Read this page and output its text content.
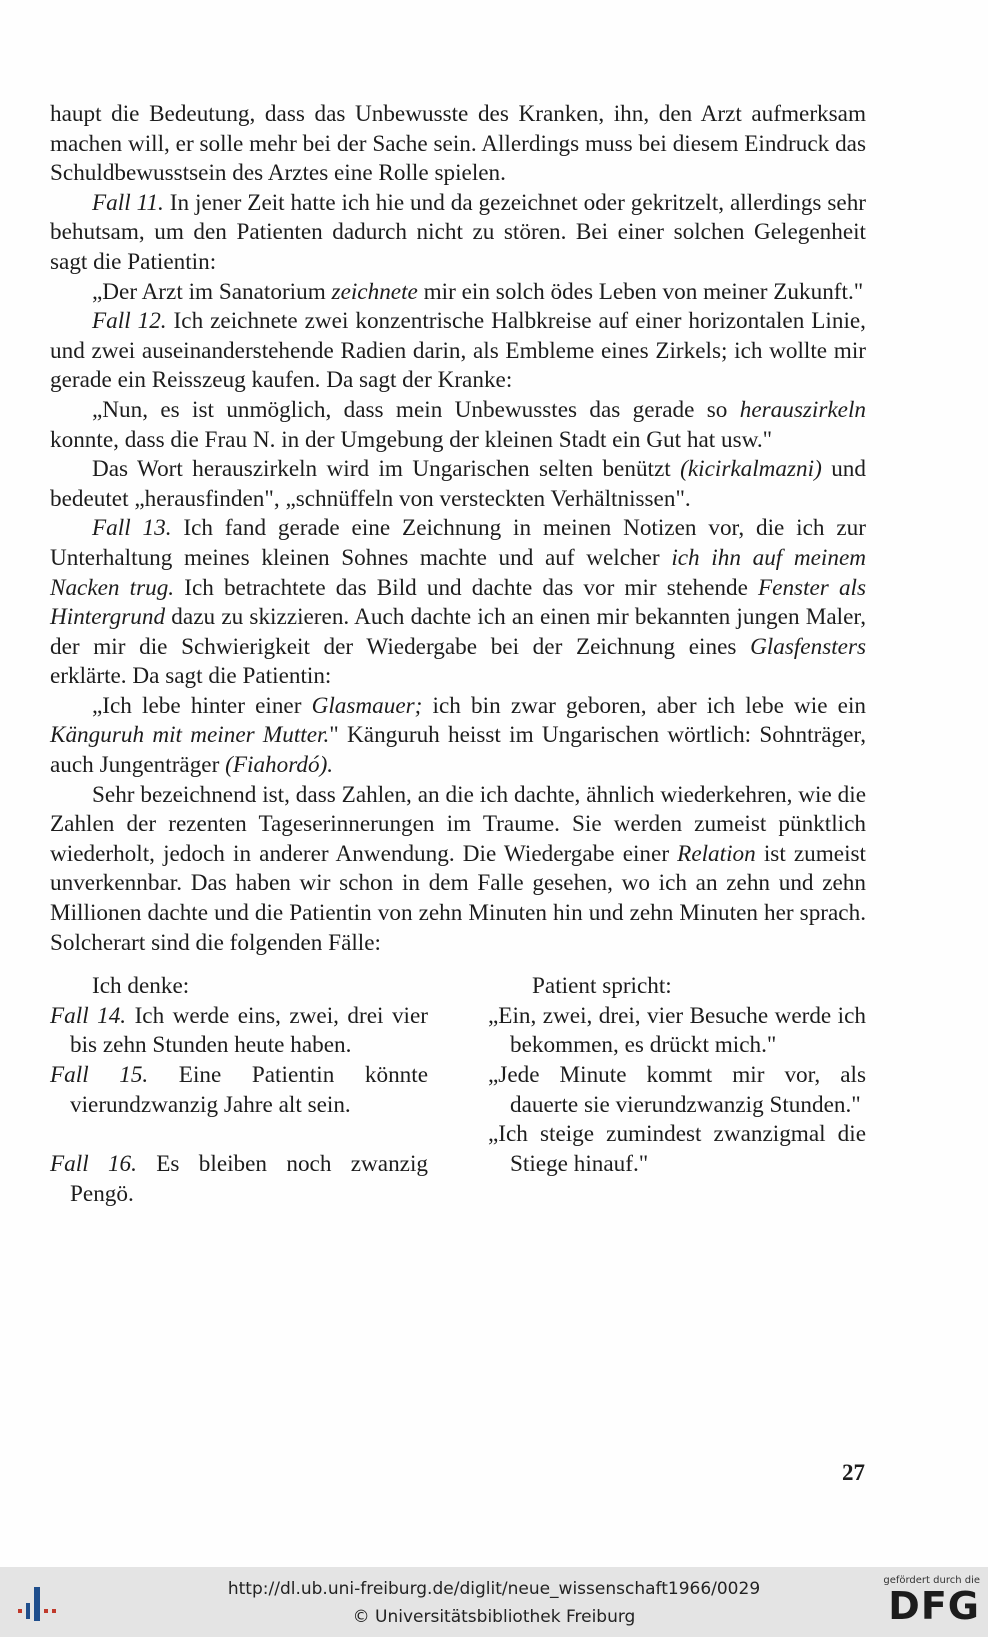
haupt die Bedeutung, dass das Unbewusste des Kranken, ihn, den Arzt aufmerksam machen will, er solle mehr bei der Sache sein. Allerdings muss bei diesem Eindruck das Schuldbewusstsein des Arztes eine Rolle spielen.

Fall 11. In jener Zeit hatte ich hie und da gezeichnet oder gekritzelt, allerdings sehr behutsam, um den Patienten dadurch nicht zu stören. Bei einer solchen Gelegenheit sagt die Patientin:

„Der Arzt im Sanatorium zeichnete mir ein solch ödes Leben von meiner Zukunft."

Fall 12. Ich zeichnete zwei konzentrische Halbkreise auf einer horizontalen Linie, und zwei auseinanderstehende Radien darin, als Embleme eines Zirkels; ich wollte mir gerade ein Reisszeug kaufen. Da sagt der Kranke:

„Nun, es ist unmöglich, dass mein Unbewusstes das gerade so herauszirkeln konnte, dass die Frau N. in der Umgebung der kleinen Stadt ein Gut hat usw."

Das Wort herauszirkeln wird im Ungarischen selten benützt (kicirkalmazni) und bedeutet „herausfinden", „schnüffeln von versteckten Verhältnissen".

Fall 13. Ich fand gerade eine Zeichnung in meinen Notizen vor, die ich zur Unterhaltung meines kleinen Sohnes machte und auf welcher ich ihn auf meinem Nacken trug. Ich betrachtete das Bild und dachte das vor mir stehende Fenster als Hintergrund dazu zu skizzieren. Auch dachte ich an einen mir bekannten jungen Maler, der mir die Schwierigkeit der Wiedergabe bei der Zeichnung eines Glasfensters erklärte. Da sagt die Patientin:

„Ich lebe hinter einer Glasmauer; ich bin zwar geboren, aber ich lebe wie ein Känguruh mit meiner Mutter." Känguruh heisst im Ungarischen wörtlich: Sohnträger, auch Jungenträger (Fiahordó).

Sehr bezeichnend ist, dass Zahlen, an die ich dachte, ähnlich wiederkehren, wie die Zahlen der rezenten Tageserinnerungen im Traume. Sie werden zumeist pünktlich wiederholt, jedoch in anderer Anwendung. Die Wiedergabe einer Relation ist zumeist unverkennbar. Das haben wir schon in dem Falle gesehen, wo ich an zehn und zehn Millionen dachte und die Patientin von zehn Minuten hin und zehn Minuten her sprach. Solcherart sind die folgenden Fälle:

Ich denke:

Fall 14. Ich werde eins, zwei, drei vier bis zehn Stunden heute haben.

Fall 15. Eine Patientin könnte vierundzwanzig Jahre alt sein.

Fall 16. Es bleiben noch zwanzig Pengö.

Patient spricht:

„Ein, zwei, drei, vier Besuche werde ich bekommen, es drückt mich."

„Jede Minute kommt mir vor, als dauerte sie vierundzwanzig Stunden."

„Ich steige zumindest zwanzigmal die Stiege hinauf."

27
http://dl.ub.uni-freiburg.de/diglit/neue_wissenschaft1966/0029
© Universitätsbibliothek Freiburg
gefördert durch die
DFG
